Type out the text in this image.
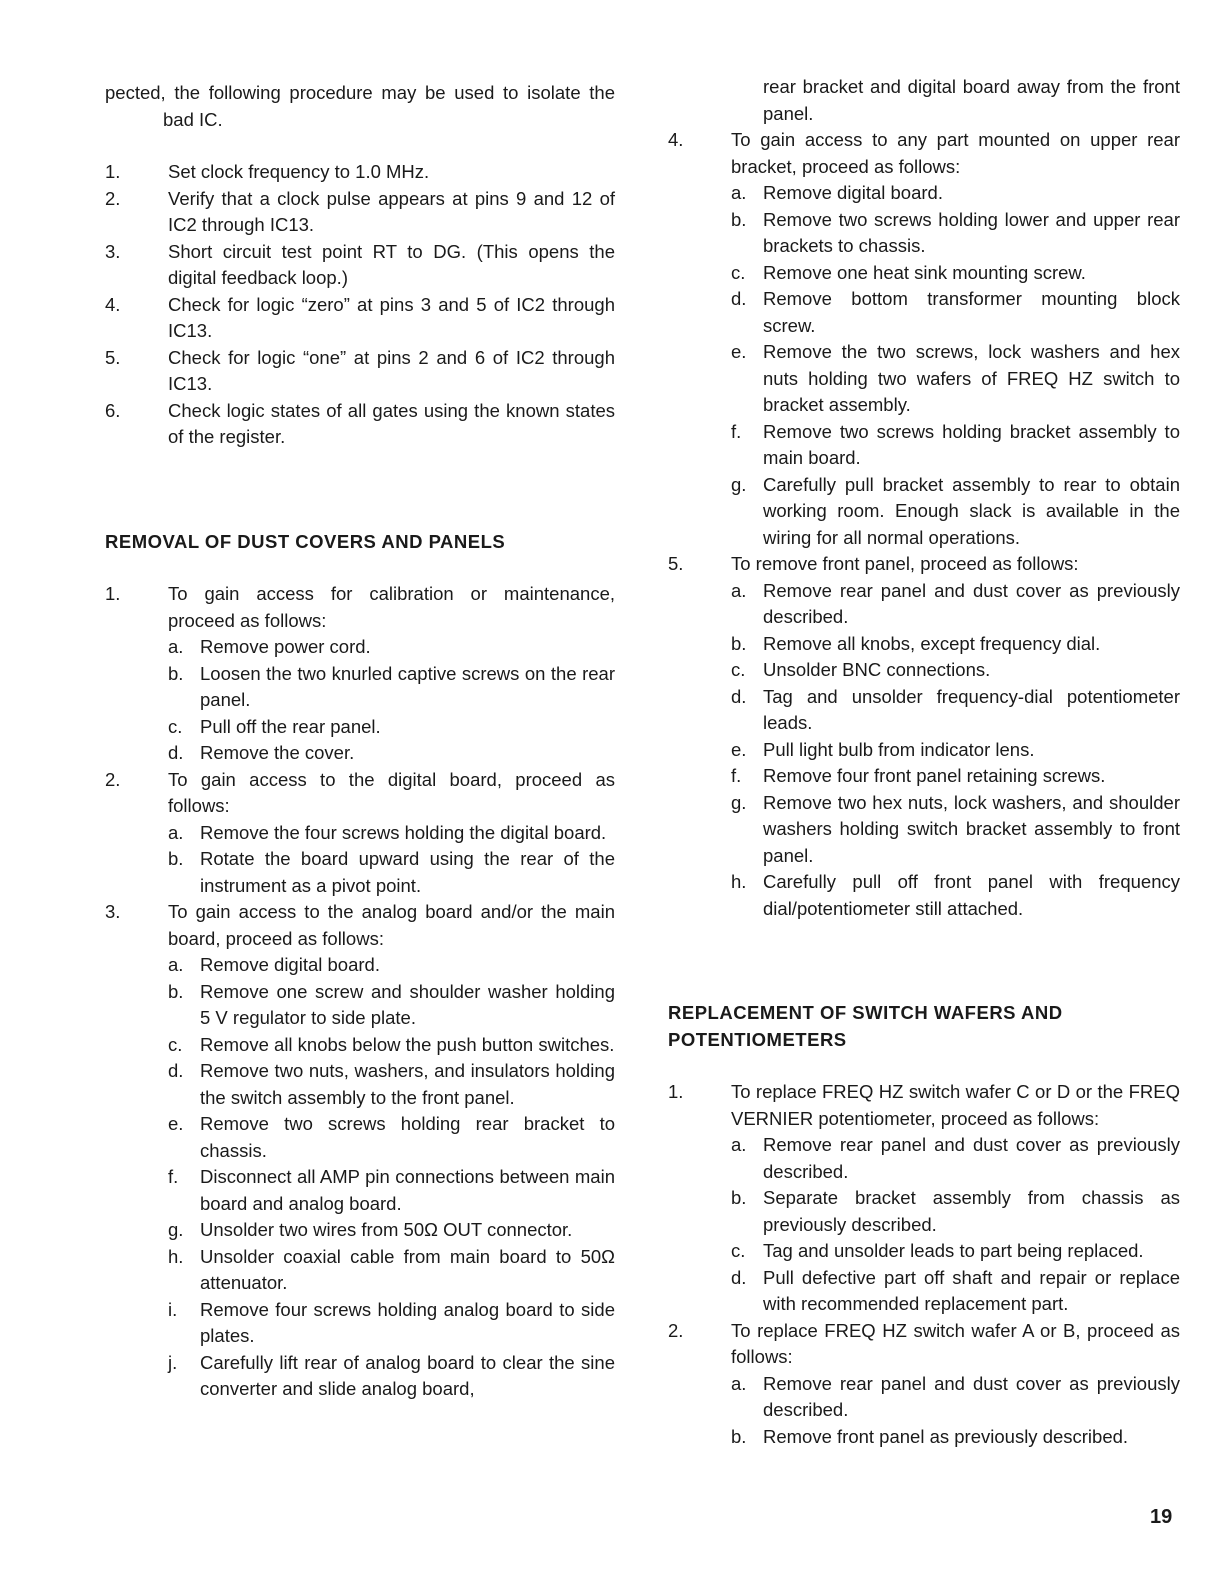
pected, the following procedure may be used to isolate the bad IC.

1.	Set clock frequency to 1.0 MHz.
2.	Verify that a clock pulse appears at pins 9 and 12 of IC2 through IC13.
3.	Short circuit test point RT to DG. (This opens the digital feedback loop.)
4.	Check for logic “zero” at pins 3 and 5 of IC2 through IC13.
5.	Check for logic “one” at pins 2 and 6 of IC2 through IC13.
6.	Check logic states of all gates using the known states of the register.

REMOVAL OF DUST COVERS AND PANELS

1.	To gain access for calibration or maintenance, proceed as follows:
a. Remove power cord.
b. Loosen the two knurled captive screws on the rear panel.
c. Pull off the rear panel.
d. Remove the cover.
2.	To gain access to the digital board, proceed as follows:
a. Remove the four screws holding the digital board.
b. Rotate the board upward using the rear of the instrument as a pivot point.
3.	To gain access to the analog board and/or the main board, proceed as follows:
a. Remove digital board.
b. Remove one screw and shoulder washer holding 5 V regulator to side plate.
c. Remove all knobs below the push button switches.
d. Remove two nuts, washers, and insulators holding the switch assembly to the front panel.
e. Remove two screws holding rear bracket to chassis.
f. Disconnect all AMP pin connections between main board and analog board.
g. Unsolder two wires from 50Ω OUT connector.
h. Unsolder coaxial cable from main board to 50Ω attenuator.
i. Remove four screws holding analog board to side plates.
j. Carefully lift rear of analog board to clear the sine converter and slide analog board,

rear bracket and digital board away from the front panel.

4.	To gain access to any part mounted on upper rear bracket, proceed as follows:
a. Remove digital board.
b. Remove two screws holding lower and upper rear brackets to chassis.
c. Remove one heat sink mounting screw.
d. Remove bottom transformer mounting block screw.
e. Remove the two screws, lock washers and hex nuts holding two wafers of FREQ HZ switch to bracket assembly.
f. Remove two screws holding bracket assembly to main board.
g. Carefully pull bracket assembly to rear to obtain working room. Enough slack is available in the wiring for all normal operations.
5.	To remove front panel, proceed as follows:
a. Remove rear panel and dust cover as previously described.
b. Remove all knobs, except frequency dial.
c. Unsolder BNC connections.
d. Tag and unsolder frequency-dial potentiometer leads.
e. Pull light bulb from indicator lens.
f. Remove four front panel retaining screws.
g. Remove two hex nuts, lock washers, and shoulder washers holding switch bracket assembly to front panel.
h. Carefully pull off front panel with frequency dial/potentiometer still attached.

REPLACEMENT OF SWITCH WAFERS AND POTENTIOMETERS

1.	To replace FREQ HZ switch wafer C or D or the FREQ VERNIER potentiometer, proceed as follows:
a. Remove rear panel and dust cover as previously described.
b. Separate bracket assembly from chassis as previously described.
c. Tag and unsolder leads to part being replaced.
d. Pull defective part off shaft and repair or replace with recommended replacement part.
2.	To replace FREQ HZ switch wafer A or B, proceed as follows:
a. Remove rear panel and dust cover as previously described.
b. Remove front panel as previously described.
19
